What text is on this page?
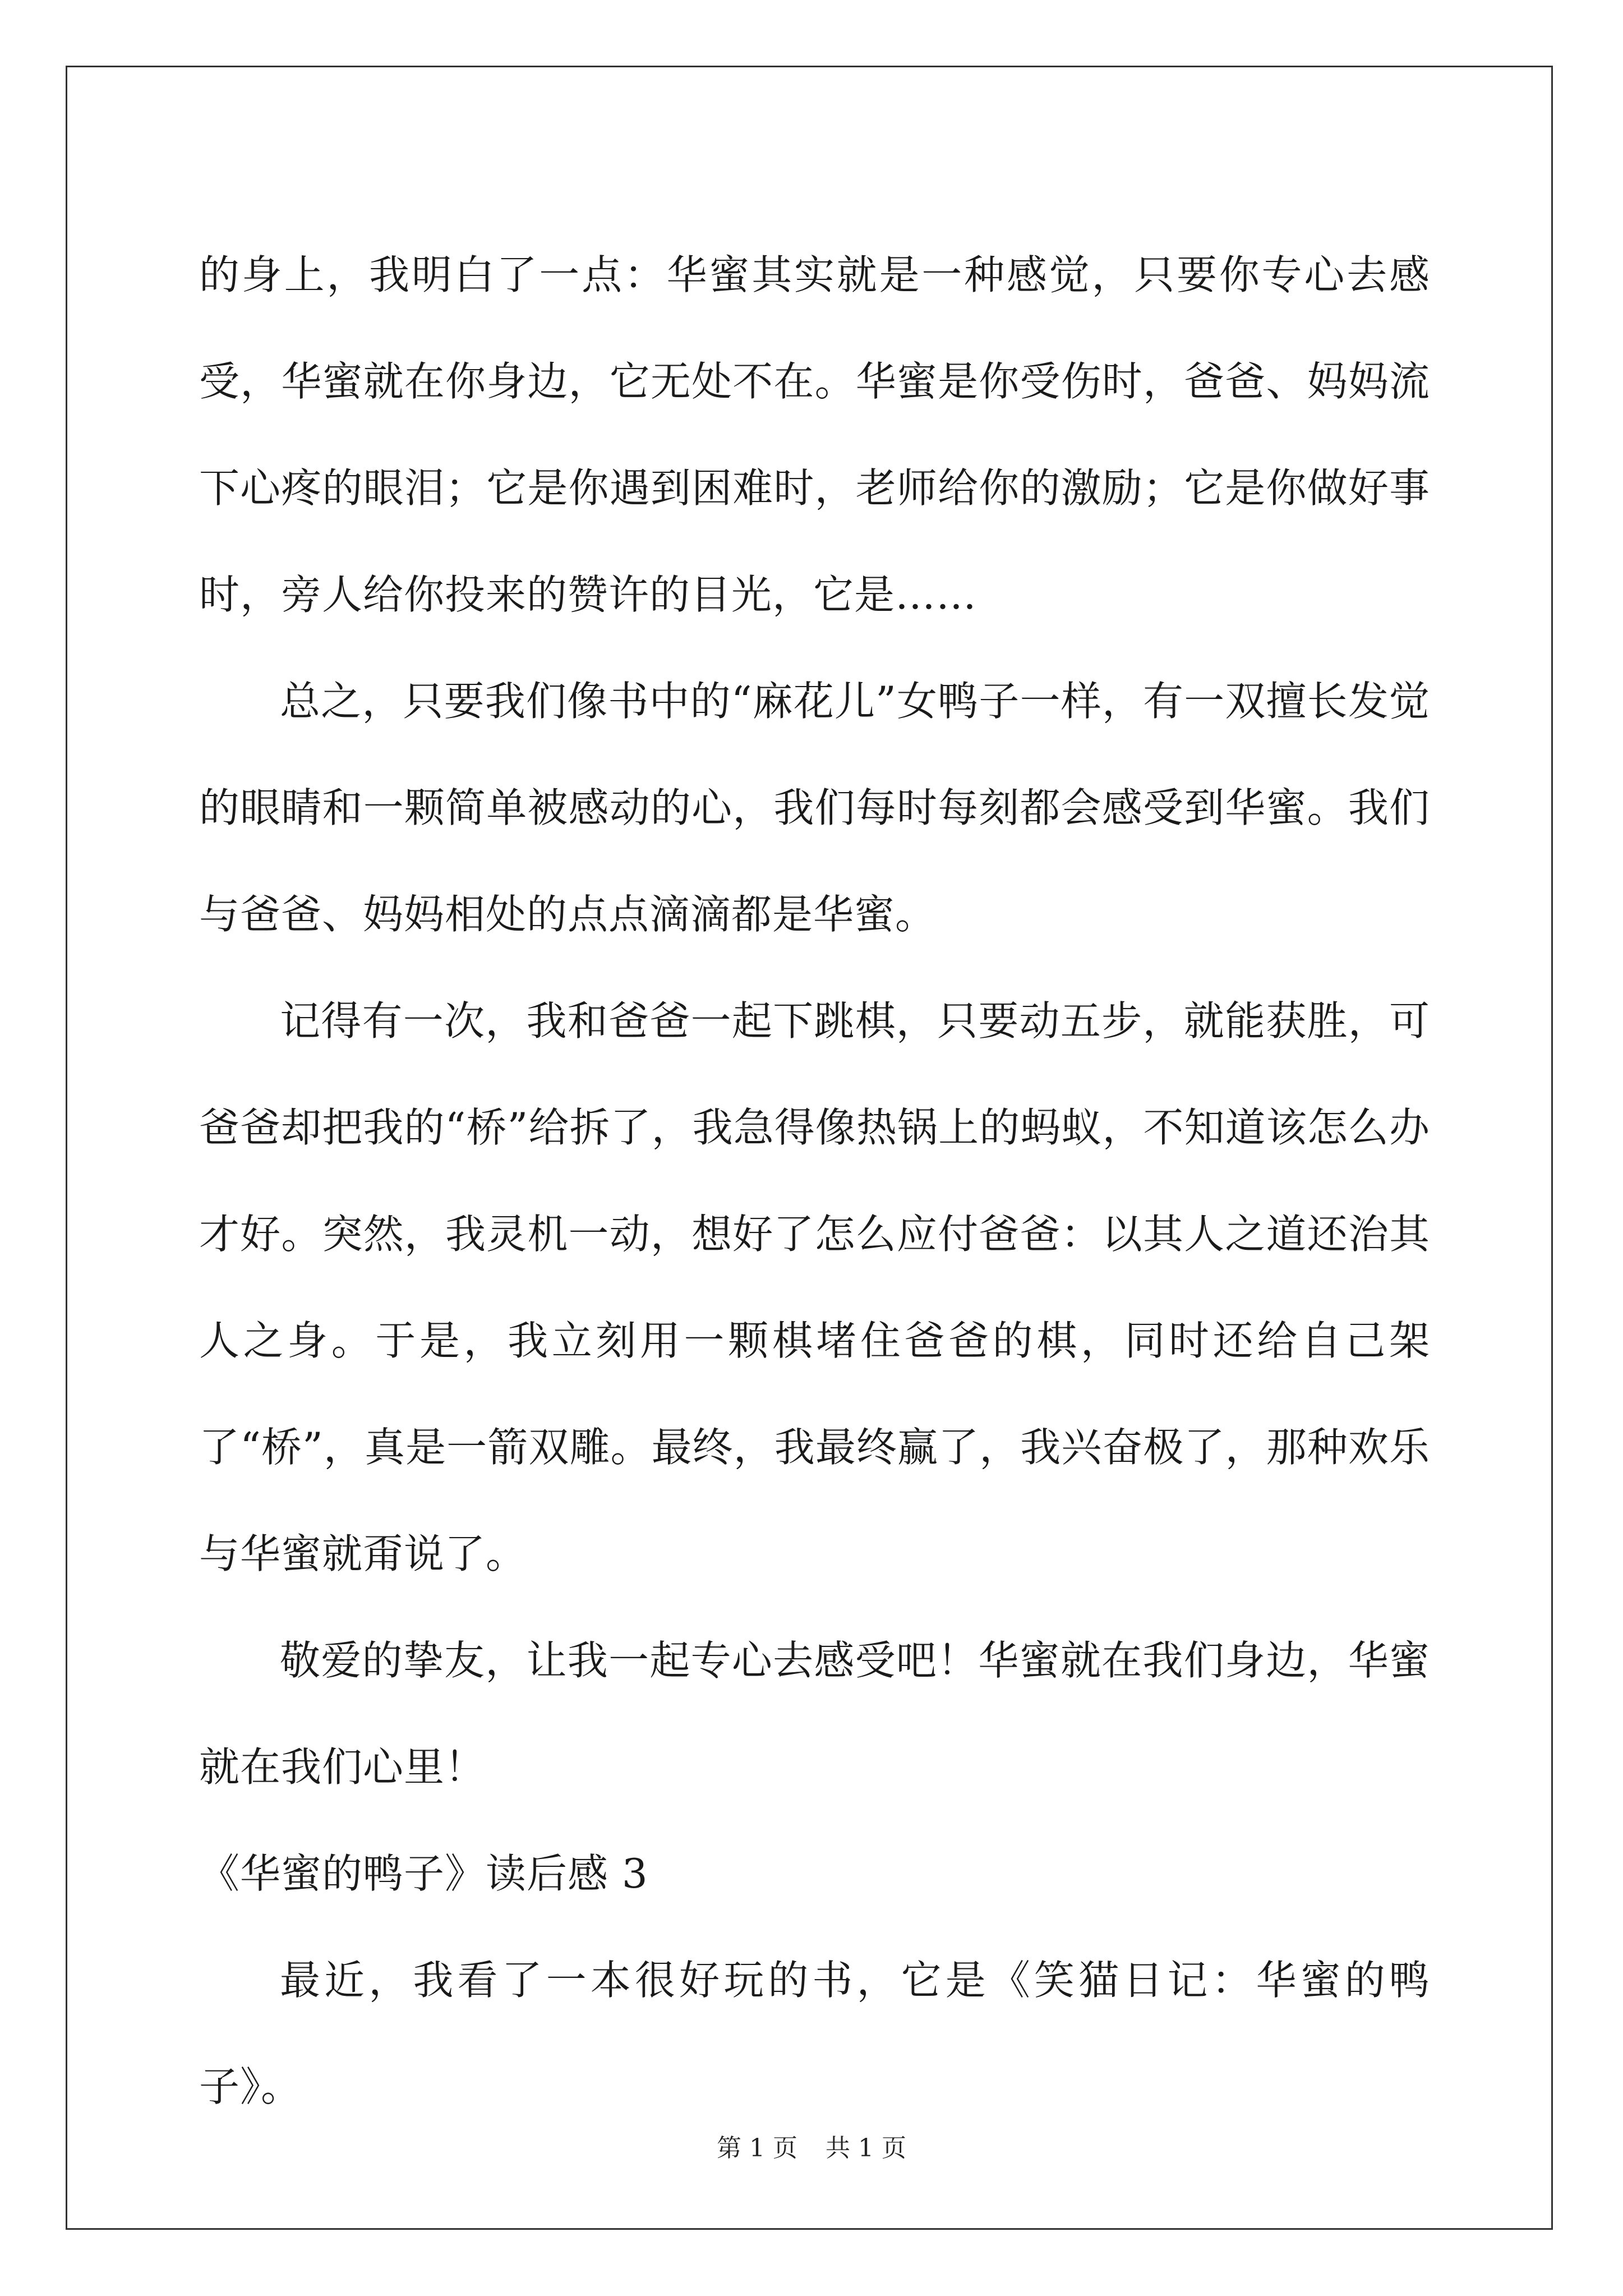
的身上，我明白了一点：华蜜其实就是一种感觉，只要你专心去感受，华蜜就在你身边，它无处不在。华蜜是你受伤时，爸爸、妈妈流下心疼的眼泪；它是你遇到困难时，老师给你的激励；它是你做好事时，旁人给你投来的赞许的目光，它是……

总之，只要我们像书中的“麻花儿”女鸭子一样，有一双擅长发觉的眼睛和一颗简单被感动的心，我们每时每刻都会感受到华蜜。我们与爸爸、妈妈相处的点点滴滴都是华蜜。

记得有一次，我和爸爸一起下跳棋，只要动五步，就能获胜，可爸爸却把我的“桥”给拆了，我急得像热锅上的蚂蚁，不知道该怎么办才好。突然，我灵机一动，想好了怎么应付爸爸：以其人之道还治其人之身。于是，我立刻用一颗棋堵住爸爸的棋，同时还给自己架了“桥”，真是一箭双雕。最终，我最终赢了，我兴奋极了，那种欢乐与华蜜就甭说了。

敬爱的挚友，让我一起专心去感受吧！华蜜就在我们身边，华蜜就在我们心里！

《华蜜的鸭子》读后感 3

最近，我看了一本很好玩的书，它是《笑猫日记：华蜜的鸭子》。

第 1 页 共 1 页
